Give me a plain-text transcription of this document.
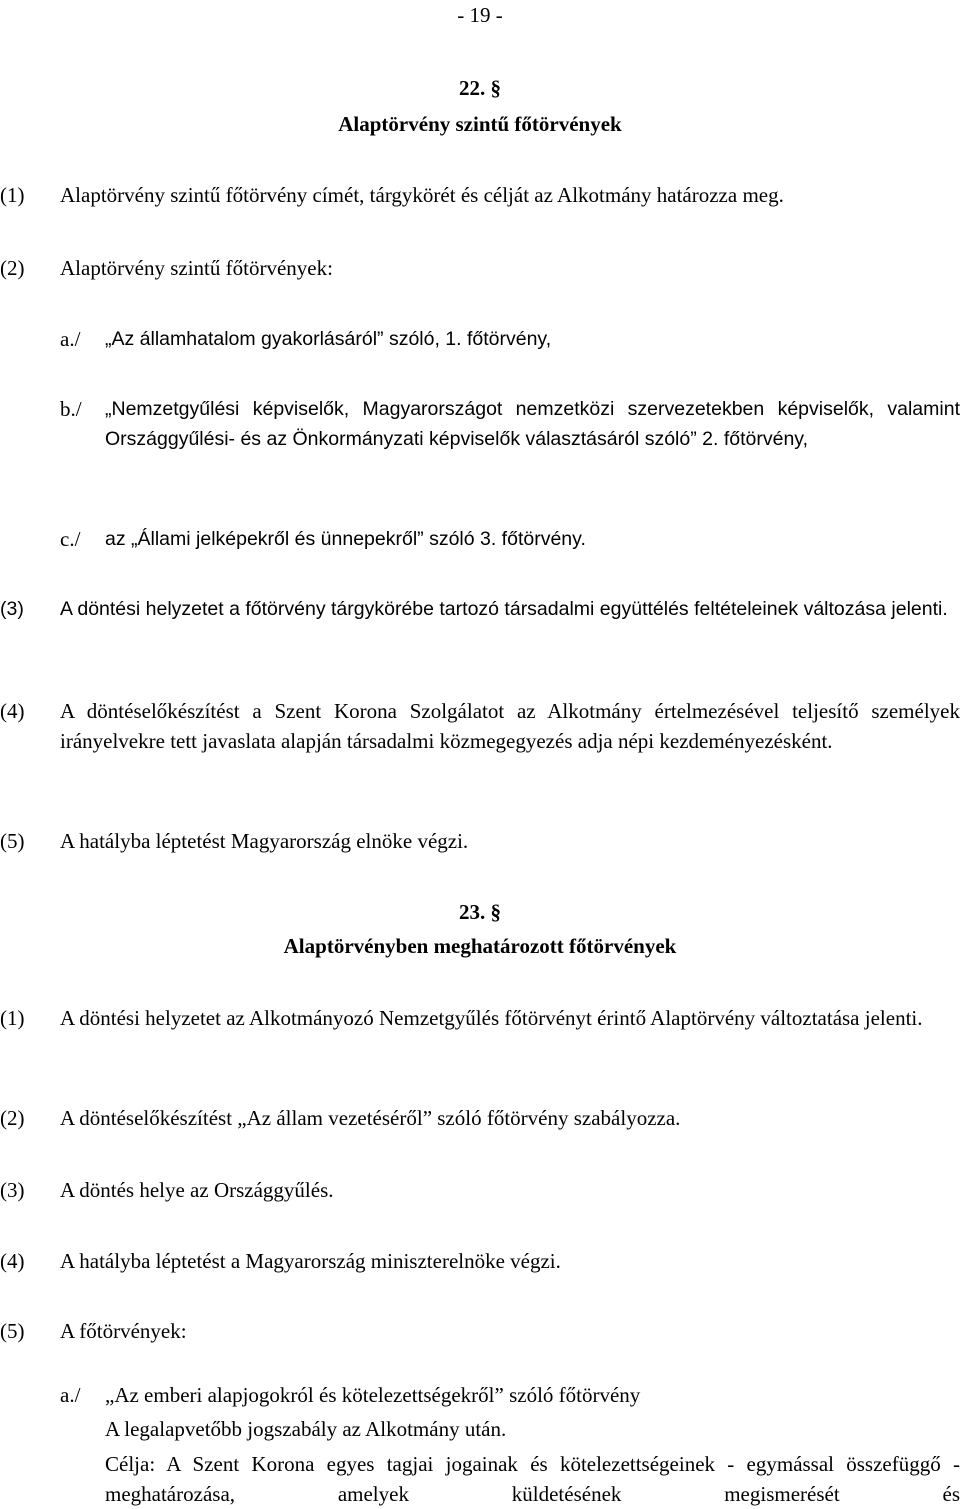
- 19 -
22. §
Alaptörvény szintű főtörvények
(1) Alaptörvény szintű főtörvény címét, tárgykörét és célját az Alkotmány határozza meg.
(2) Alaptörvény szintű főtörvények:
a./ „Az államhatalom gyakorlásáról” szóló, 1. főtörvény,
b./ „Nemzetgyűlési képviselők, Magyarországot nemzetközi szervezetekben képviselők, valamint Országgyűlési- és az Önkormányzati képviselők választásáról szóló” 2. főtörvény,
c./ az „Állami jelképekről és ünnepekről” szóló 3. főtörvény.
(3) A döntési helyzetet a főtörvény tárgykörébe tartozó társadalmi együttélés feltételeinek változása jelenti.
(4) A döntéselőkészítést a Szent Korona Szolgálatot az Alkotmány értelmezésével teljesítő személyek irányelvekre tett javaslata alapján társadalmi közmegegyezés adja népi kezdeményezésként.
(5) A hatályba léptetést Magyarország elnöke végzi.
23. §
Alaptörvényben meghatározott főtörvények
(1) A döntési helyzetet az Alkotmányozó Nemzetgyűlés főtörvényt érintő Alaptörvény változtatása jelenti.
(2) A döntéselőkészítést „Az állam vezetéséről” szóló főtörvény szabályozza.
(3) A döntés helye az Országgyűlés.
(4) A hatályba léptetést a Magyarország miniszterelnöke végzi.
(5) A főtörvények:
a./ „Az emberi alapjogokról és kötelezettségekről” szóló főtörvény
A legalapvetőbb jogszabály az Alkotmány után.
Célja: A Szent Korona egyes tagjai jogainak és kötelezettségeinek - egymással összefüggő - meghatározása, amelyek küldetésének megismerését és
